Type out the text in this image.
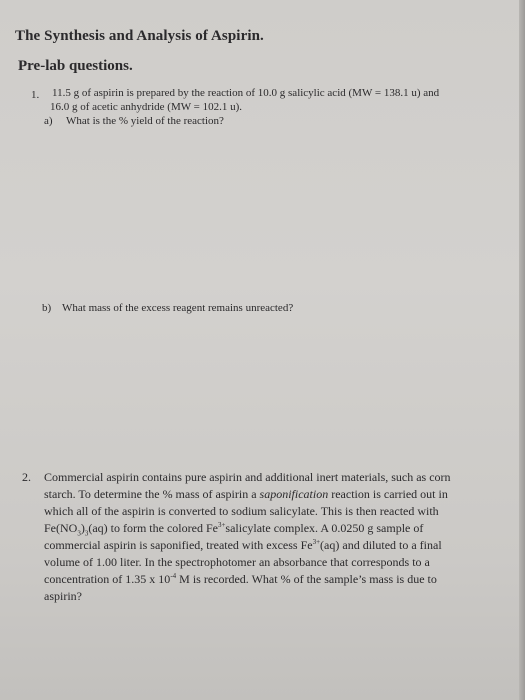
The Synthesis and Analysis of Aspirin.
Pre-lab questions.
1. 11.5 g of aspirin is prepared by the reaction of 10.0 g salicylic acid (MW = 138.1 u) and
16.0 g of acetic anhydride (MW = 102.1 u).
a) What is the % yield of the reaction?
b) What mass of the excess reagent remains unreacted?
2. Commercial aspirin contains pure aspirin and additional inert materials, such as corn
starch. To determine the % mass of aspirin a saponification reaction is carried out in
which all of the aspirin is converted to sodium salicylate. This is then reacted with
$Fe(NO_3)_3(aq)$ to form the colored $Fe^{3+}salicylate$ complex. A 0.0250 g sample of
commercial aspirin is saponified, treated with excess $Fe^{3+}(aq)$ and diluted to a final
volume of 1.00 liter. In the spectrophotomer an absorbance that corresponds to a
concentration of 1.35 x $10^{-4}$ M is recorded. What % of the sample’s mass is due to
aspirin?
